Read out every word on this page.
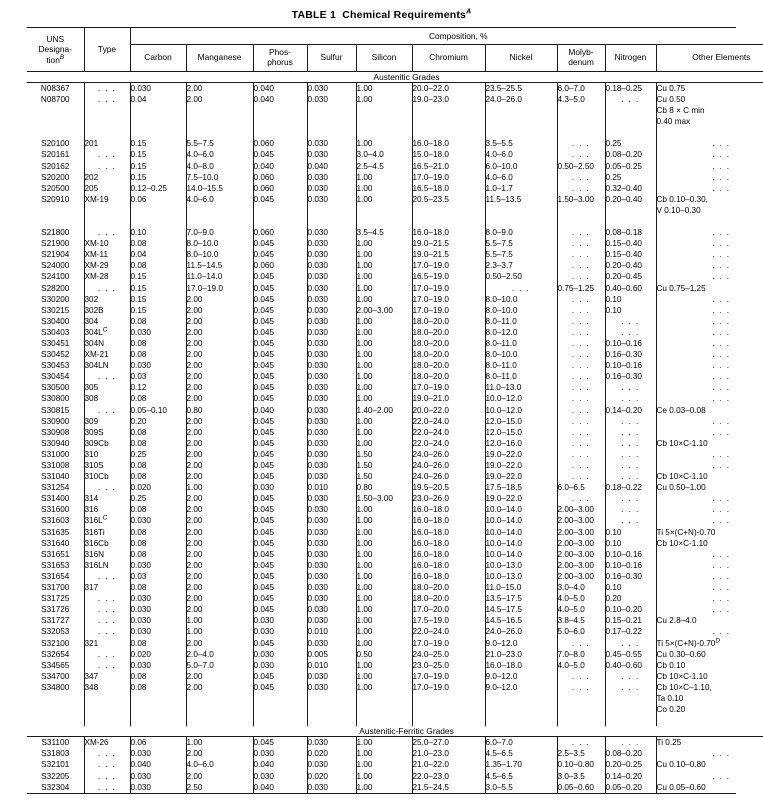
TABLE 1 Chemical Requirements$^A$
UNS
Designa-
tion$^B$	Type	Composition, %									
		Carbon	Manganese	Phos-
phorus	Sulfur	Silicon	Chromium	Nickel	Molyb-
denum	Nitrogen	Other Elements
Austenitic Grades											
N08367	. . .	0.030	2.00	0.040	0.030	1.00	20.0–22.0	23.5–25.5	6.0–7.0	0.18–0.25	Cu 0.75
N08700	. . .	0.04	2.00	0.040	0.030	1.00	19.0–23.0	24.0–26.0	4.3–5.0	. . .	Cu 0.50
											Cb 8 × C min
											0.40 max

S20100	201	0.15	5.5–7.5	0.060	0.030	1.00	16.0–18.0	3.5–5.5	. . .	0.25	. . .
S20161	. . .	0.15	4.0–6.0	0.045	0.030	3.0–4.0	15.0–18.0	4.0–6.0	. . .	0.08–0.20	. . .
S20162	. . .	0.15	4.0–8.0	0.040	0.040	2.5–4.5	16.5–21.0	6.0–10.0	0.50–2.50	0.05–0.25	. . .
S20200	202	0.15	7.5–10.0	0.060	0.030	1.00	17.0–19.0	4.0–6.0	. . .	0.25	. . .
S20500	205	0.12–0.25	14.0–15.5	0.060	0.030	1.00	16.5–18.0	1.0–1.7	. . .	0.32–0.40	. . .
S20910	XM-19	0.06	4.0–6.0	0.045	0.030	1.00	20.5–23.5	11.5–13.5	1.50–3.00	0.20–0.40	Cb 0.10–0.30,
											V 0.10–0.30

S21800	. . .	0.10	7.0–9.0	0.060	0.030	3.5–4.5	16.0–18.0	8.0–9.0	. . .	0.08–0.18	. . .
S21900	XM-10	0.08	8.0–10.0	0.045	0.030	1.00	19.0–21.5	5.5–7.5	. . .	0.15–0.40	. . .
S21904	XM-11	0.04	8.0–10.0	0.045	0.030	1.00	19.0–21.5	5.5–7.5	. . .	0.15–0.40	. . .
S24000	XM-29	0.08	11.5–14.5	0.060	0.030	1.00	17.0–19.0	2.3–3.7	. . .	0.20–0.40	. . .
S24100	XM-28	0.15	11.0–14.0	0.045	0.030	1.00	16.5–19.0	0.50–2.50	. . .	0.20–0.45	. . .
S28200	. . .	0.15	17.0–19.0	0.045	0.030	1.00	17.0–19.0	. . .	0.75–1.25	0.40–0.60	Cu 0.75–1.25
S30200	302	0.15	2.00	0.045	0.030	1.00	17.0–19.0	8.0–10.0	. . .	0.10	. . .
S30215	302B	0.15	2.00	0.045	0.030	2.00–3.00	17.0–19.0	8.0–10.0	. . .	0.10	. . .
S30400	304	0.08	2.00	0.045	0.030	1.00	18.0–20.0	8.0–11.0	. . .	. . .	. . .
S30403	$304L^C$	0.030	2.00	0.045	0.030	1.00	18.0–20.0	8.0–12.0	. . .	. . .	. . .
S30451	304N	0.08	2.00	0.045	0.030	1.00	18.0–20.0	8.0–11.0	. . .	0.10–0.16	. . .
S30452	XM-21	0.08	2.00	0.045	0.030	1.00	18.0–20.0	8.0–10.0	. . .	0.16–0.30	. . .
S30453	304LN	0.030	2.00	0.045	0.030	1.00	18.0–20.0	8.0–11.0	. . .	0.10–0.16	. . .
S30454	. . .	0.03	2.00	0.045	0.030	1.00	18.0–20.0	8.0–11.0	. . .	0.16–0.30	. . .
S30500	305	0.12	2.00	0.045	0.030	1.00	17.0–19.0	11.0–13.0	. . .	. . .	. . .
S30800	308	0.08	2.00	0.045	0.030	1.00	19.0–21.0	10.0–12.0	. . .	. . .	. . .
S30815	. . .	0.05–0.10	0.80	0.040	0.030	1.40–2.00	20.0–22.0	10.0–12.0	. . .	0.14–0.20	Ce 0.03–0.08
S30900	309	0.20	2.00	0.045	0.030	1.00	22.0–24.0	12.0–15.0	. . .	. . .	. . .
S30908	309S	0.08	2.00	0.045	0.030	1.00	22.0–24.0	12.0–15.0	. . .	. . .	. . .
S30940	309Cb	0.08	2.00	0.045	0.030	1.00	22.0–24.0	12.0–16.0	. . .	. . .	Cb 10×C-1.10
S31000	310	0.25	2.00	0.045	0.030	1.50	24.0–26.0	19.0–22.0	. . .	. . .	. . .
S31008	310S	0.08	2.00	0.045	0.030	1.50	24.0–26.0	19.0–22.0	. . .	. . .	. . .
S31040	310Cb	0.08	2.00	0.045	0.030	1.50	24.0–26.0	19.0–22.0	. . .	. . .	Cb 10×C-1.10
S31254	. . .	0.020	1.00	0.030	0.010	0.80	19.5–20.5	17.5–18.5	6.0–6.5	0.18–0.22	Cu 0.50–1.00
S31400	314	0.25	2.00	0.045	0.030	1.50–3.00	23.0–26.0	19.0–22.0	. . .	. . .	. . .
S31600	316	0.08	2.00	0.045	0.030	1.00	16.0–18.0	10.0–14.0	2.00–3.00	. . .	. . .
S31603	$316L^C$	0.030	2.00	0.045	0.030	1.00	16.0–18.0	10.0–14.0	2.00–3.00	. . .	. . .
S31635	316Ti	0.08	2.00	0.045	0.030	1.00	16.0–18.0	10.0–14.0	2.00–3.00	0.10	Ti 5×(C+N)-0.70
S31640	316Cb	0.08	2.00	0.045	0.030	1.00	16.0–18.0	10.0–14.0	2.00–3.00	0.10	Cb 10×C-1.10
S31651	316N	0.08	2.00	0.045	0.030	1.00	16.0–18.0	10.0–14.0	2.00–3.00	0.10–0.16	. . .
S31653	316LN	0.030	2.00	0.045	0.030	1.00	16.0–18.0	10.0–13.0	2.00–3.00	0.10–0.16	. . .
S31654	. . .	0.03	2.00	0.045	0.030	1.00	16.0–18.0	10.0–13.0	2.00–3.00	0.16–0.30	. . .
S31700	317	0.08	2.00	0.045	0.030	1.00	18.0–20.0	11.0–15.0	3.0–4.0	0.10	. . .
S31725	. . .	0.030	2.00	0.045	0.030	1.00	18.0–20.0	13.5–17.5	4.0–5.0	0.20	. . .
S31726	. . .	0.030	2.00	0.045	0.030	1.00	17.0–20.0	14.5–17.5	4.0–5.0	0.10–0.20	. . .
S31727	. . .	0.030	1.00	0.030	0.030	1.00	17.5–19.0	14.5–16.5	3.8–4.5	0.15–0.21	Cu 2.8–4.0
S32053	. . .	0.030	1.00	0.030	0.010	1.00	22.0–24.0	24.0–26.0	5.0–6.0	0.17–0.22	. . .
S32100	321	0.08	2.00	0.045	0.030	1.00	17.0–19.0	9.0–12.0	. . .	. . .	Ti $5\times(C+N)-0.70^D$
S32654	. . .	0.020	2.0–4.0	0.030	0.005	0.50	24.0–25.0	21.0–23.0	7.0–8.0	0.45–0.55	Cu 0.30–0.60
S34565	. . .	0.030	5.0–7.0	0.030	0.010	1.00	23.0–25.0	16.0–18.0	4.0–5.0	0.40–0.60	Cb 0.10
S34700	347	0.08	2.00	0.045	0.030	1.00	17.0–19.0	9.0–12.0	. . .	. . .	Cb 10×C-1.10
S34800	348	0.08	2.00	0.045	0.030	1.00	17.0–19.0	9.0–12.0	. . .	. . .	Cb 10×C–1.10,
											Ta 0.10
											Co 0.20

Austenitic-Ferritic Grades											
S31100	XM-26	0.06	1.00	0.045	0.030	1.00	25.0–27.0	6.0–7.0	. . .	. . .	Ti 0.25
S31803	. . .	0.030	2.00	0.030	0.020	1.00	21.0–23.0	4.5–6.5	2.5–3.5	0.08–0.20	. . .
S32101	. . .	0.040	4.0–6.0	0.040	0.030	1.00	21.0–22.0	1.35–1.70	0.10–0.80	0.20–0.25	Cu 0.10–0.80
S32205	. . .	0.030	2.00	0.030	0.020	1.00	22.0–23.0	4.5–6.5	3.0–3.5	0.14–0.20	. . .
S32304	. . .	0.030	2.50	0.040	0.030	1.00	21.5–24.5	3.0–5.5	0.05–0.60	0.05–0.20	Cu 0.05–0.60
